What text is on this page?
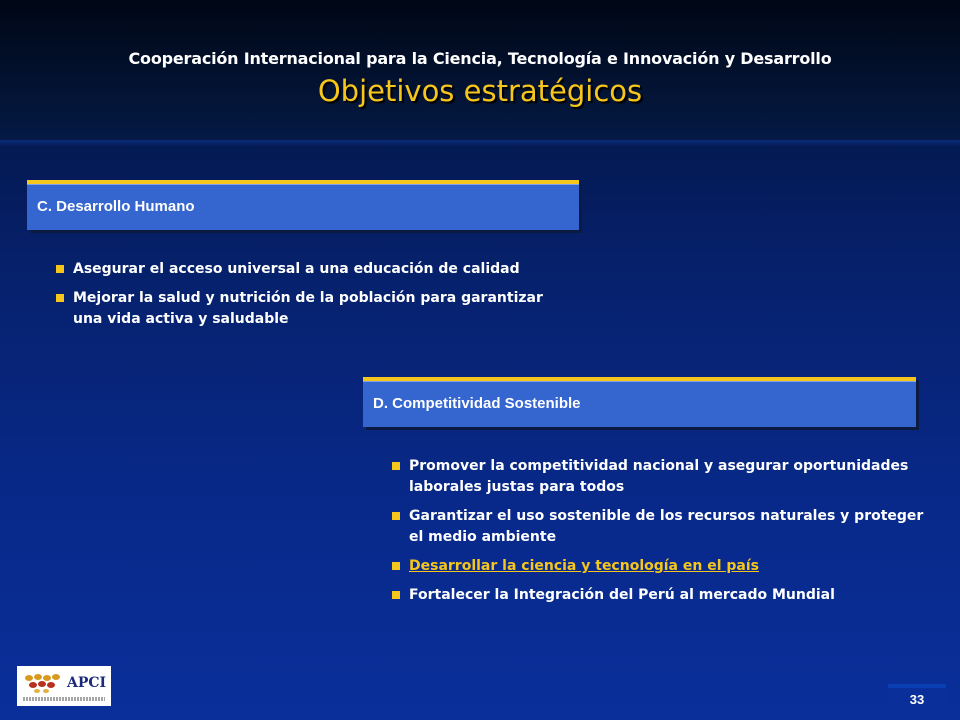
Cooperación Internacional para la Ciencia, Tecnología e Innovación y Desarrollo
Objetivos estratégicos
C. Desarrollo Humano
Asegurar el acceso universal a una educación de calidad
Mejorar la salud y nutrición de la población para garantizar una vida activa y saludable
D. Competitividad Sostenible
Promover la competitividad nacional y asegurar oportunidades laborales justas para todos
Garantizar el uso sostenible de los recursos naturales y proteger el medio ambiente
Desarrollar la ciencia y tecnología en el país
Fortalecer la Integración del Perú al mercado Mundial
APCI
33
